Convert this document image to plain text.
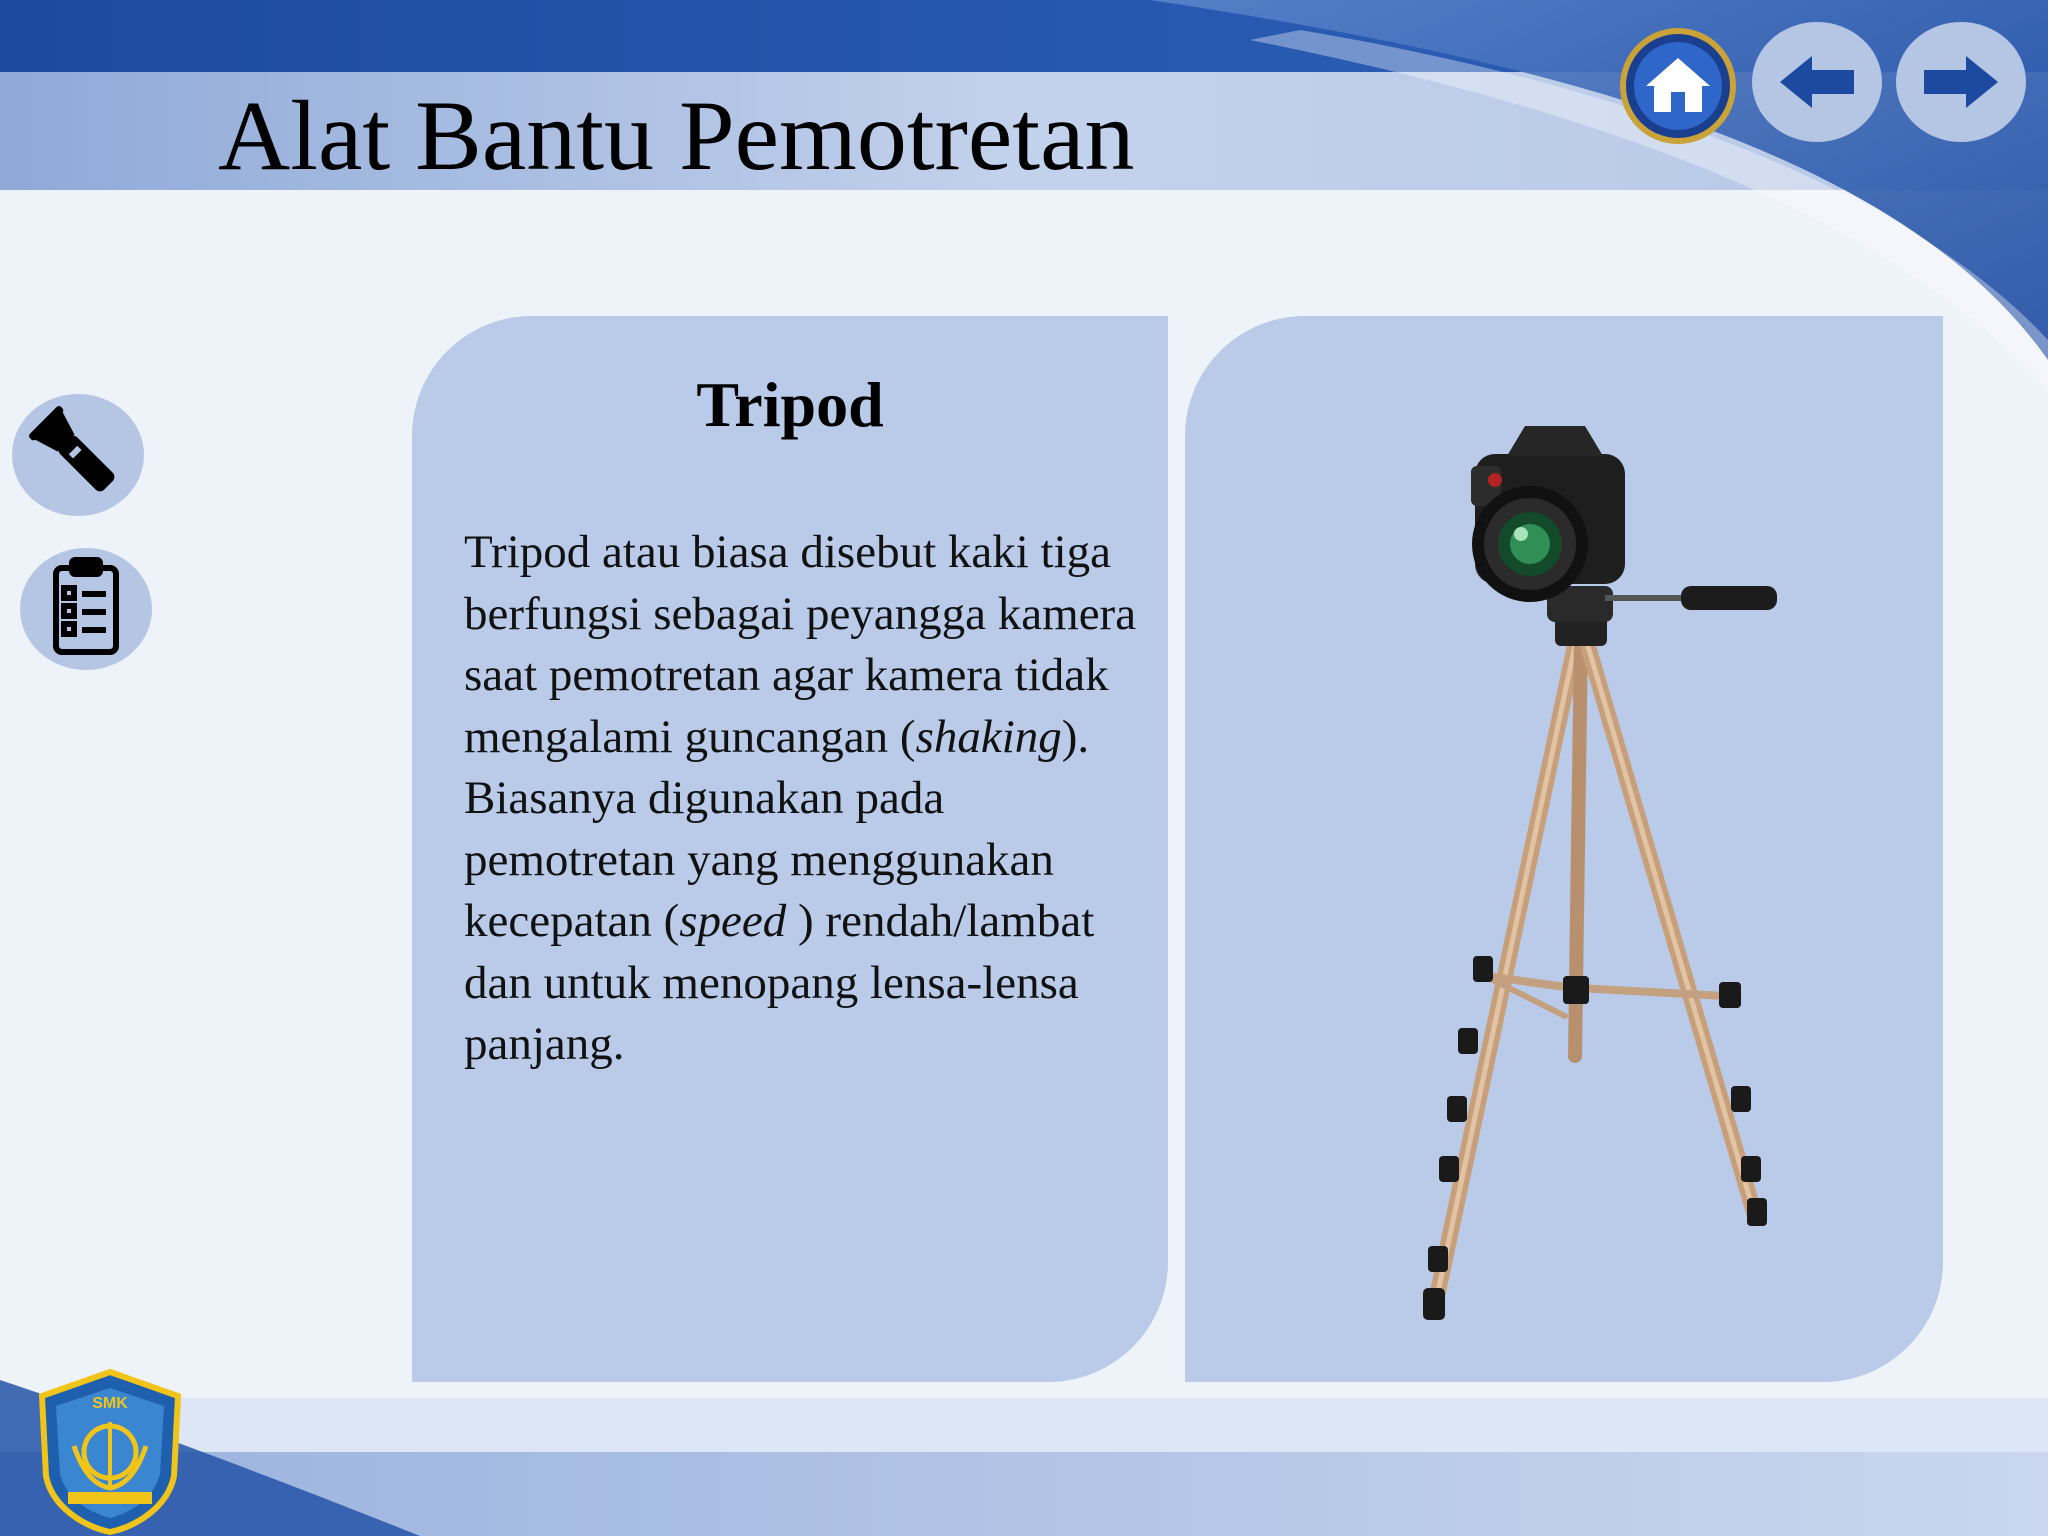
Alat Bantu Pemotretan
Tripod

Tripod atau biasa disebut kaki tiga berfungsi sebagai peyangga kamera saat pemotretan agar kamera tidak mengalami guncangan (shaking). Biasanya digunakan pada pemotretan yang menggunakan kecepatan (speed ) rendah/lambat dan untuk menopang lensa-lensa panjang.

SMK
